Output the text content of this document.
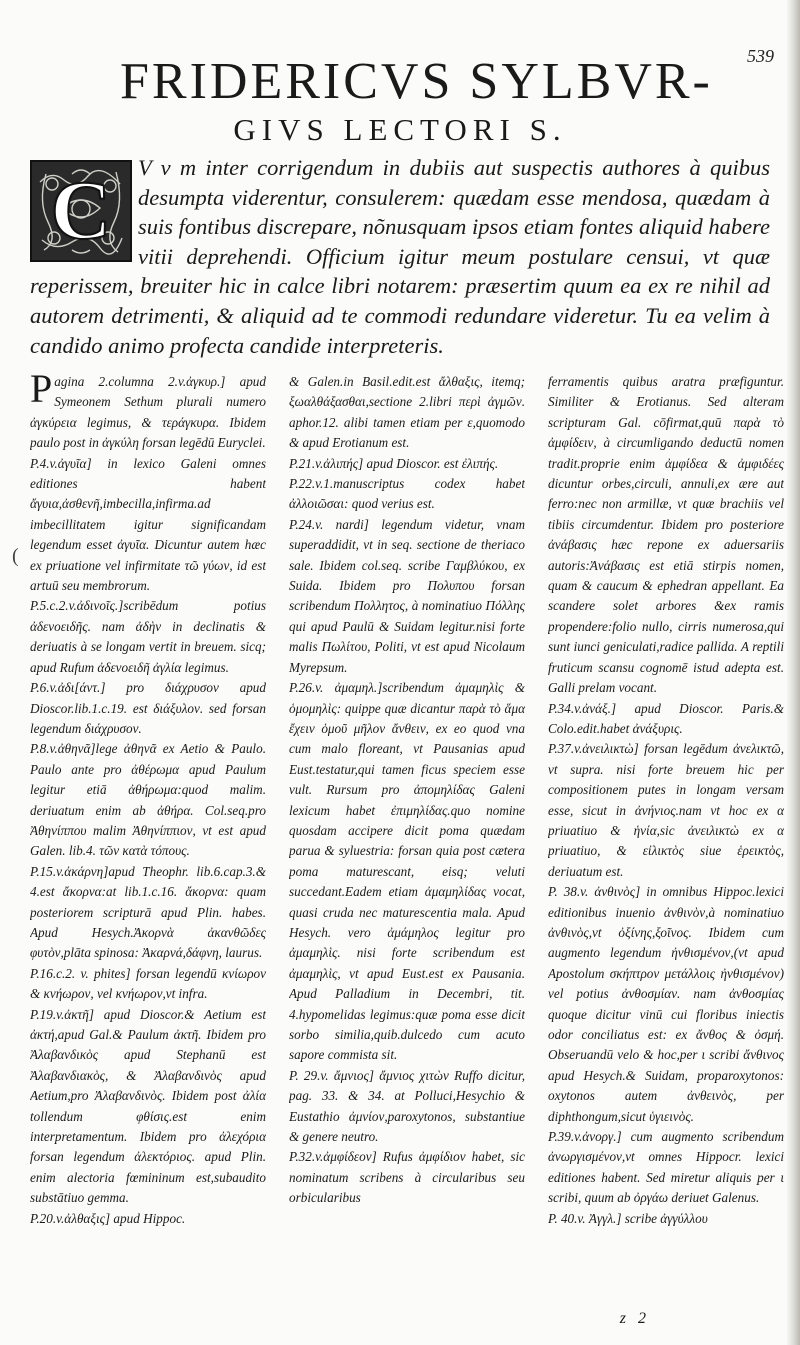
539
FRIDERICVS SYLBVR-
GIVS LECTORI S.

V v m inter corrigendum in dubiis aut suspectis authores à quibus desumpta viderentur, consulerem: quædam esse mendosa, quædam à suis fontibus discrepare, nõnusquam ipsos etiam fontes aliquid habere vitii deprehendi. Officium igitur meum postulare censui, vt quæ reperissem, breuiter hic in calce libri notarem: præsertim quum ea ex re nihil ad autorem detrimenti, & aliquid ad te commodi redundare videretur. Tu ea velim à candido animo profecta candide interpreteris.

C
(

Pagina 2.columna 2.v.ἀγκυρ.] apud Symeonem Sethum plurali numero ἀγκύρεια legimus, & τεράγκυρα. Ibidem paulo post in ἀγκύλη forsan legēdū Euryclei.

P.4.v.ἀγυῖα] in lexico Galeni omnes editiones habent ἄγυια,ἀσθενῆ,imbecilla,infirma.ad imbecillitatem igitur significandam legendum esset ἀγυῖα. Dicuntur autem hæc ex priuatione vel infirmitate τῶ γύων, id est artuū seu membrorum.

P.5.c.2.v.ἀδινοῖς.]scribēdum potius ἀδενοειδῆς. nam ἀδὴν in declinatis & deriuatis à se longam vertit in breuem. sicq; apud Rufum ἀδενοειδῆ ἀγλία legimus.

P.6.v.ἀδι[άντ.] pro διάχρυσον apud Dioscor.lib.1.c.19. est διάξυλον. sed forsan legendum διάχρυσον.

P.8.v.ἀθηνᾶ]lege ἀθηνᾶ ex Aetio & Paulo. Paulo ante pro ἀθέρωμα apud Paulum legitur etiā ἀθήρωμα:quod malim. deriuatum enim ab ἀθήρα. Col.seq.pro Ἀθηνίππου malim Ἀθηνίππιον, vt est apud Galen. lib.4. τῶν κατὰ τόπους.

P.15.v.ἀκάρνη]apud Theophr. lib.6.cap.3.& 4.est ἄκορνα:at lib.1.c.16. ἄκορνα: quam posteriorem scripturā apud Plin. habes. Apud Hesych.Ἀκορνὰ ἀκανθῶδες φυτὸν,plāta spinosa: Ἀκαρνά,δάφνη, laurus.

P.16.c.2. v. phites] forsan legendū κνίωρον & κνήωρον, vel κνήωρον,vt infra.

P.19.v.ἀκτῆ] apud Dioscor.& Aetium est ἀκτή,apud Gal.& Paulum ἀκτῆ. Ibidem pro Ἀλαβανδικὸς apud Stephanū est Ἀλαβανδιακὸς, & Ἀλαβανδινὸς apud Aetium,pro Ἀλαβανδινὸς. Ibidem post ἀλία tollendum φθίσις.est enim interpretamentum. Ibidem pro ἀλεχόρια forsan legendum ἀλεκτόριος. apud Plin. enim alectoria fœmininum est,subaudito substātiuo gemma.

P.20.v.ἀλθαξις] apud Hippoc.

& Galen.in Basil.edit.est ἄλθαξις, itemq; ξωαλθάξασθαι,sectione 2.libri περὶ ἀγμῶν. aphor.12. alibi tamen etiam per ε,quomodo & apud Erotianum est.

P.21.v.ἀλιπής] apud Dioscor. est ἐλιπής.

P.22.v.1.manuscriptus codex habet ἀλλοιῶσαι: quod verius est.

P.24.v. nardi] legendum videtur, vnam superaddidit, vt in seq. sectione de theriaco sale. Ibidem col.seq. scribe Γαμβλύκου, ex Suida. Ibidem pro Πολυπου forsan scribendum Πολλητος, à nominatiuo Πόλλης qui apud Paulū & Suidam legitur.nisi forte malis Πωλίτου, Politi, vt est apud Nicolaum Myrepsum.

P.26.v. ἀμαμηλ.]scribendum ἀμαμηλὶς & ὁμομηλὶς: quippe quæ dicantur παρὰ τὸ ἅμα ἔχειν ὁμοῦ μῆλον ἄνθειν, ex eo quod vna cum malo floreant, vt Pausanias apud Eust.testatur,qui tamen ficus speciem esse vult. Rursum pro ἀπομηλίδας Galeni lexicum habet ἐπιμηλίδας.quo nomine quosdam accipere dicit poma quædam parua & syluestria: forsan quia post cætera poma maturescant, eisq; veluti succedant.Eadem etiam ἀμαμηλίδας vocat, quasi cruda nec maturescentia mala. Apud Hesych. vero ἀμάμηλος legitur pro ἀμαμηλὶς. nisi forte scribendum est ἀμαμηλὶς, vt apud Eust.est ex Pausania. Apud Palladium in Decembri, tit. 4.hypomelidas legimus:quæ poma esse dicit sorbo similia,quib.dulcedo cum acuto sapore commista sit.

P. 29.v. ἄμνιος] ἄμνιος χιτὼν Ruffo dicitur, pag. 33. & 34. at Polluci,Hesychio & Eustathio ἀμνίον,paroxytonos, substantiue & genere neutro.

P.32.v.ἀμφίδεον] Rufus ἀμφίδιον habet, sic nominatum scribens à circularibus seu orbicularibus

ferramentis quibus aratra præfiguntur. Similiter & Erotianus. Sed alteram scripturam Gal. cōfirmat,quū παρὰ τὸ ἀμφίδειν, à circumligando deductū nomen tradit.proprie enim ἀμφίδεα & ἀμφιδέες dicuntur orbes,circuli, annuli,ex ære aut ferro:nec non armillæ, vt quæ brachiis vel tibiis circumdentur. Ibidem pro posteriore ἀνάβασις hæc repone ex aduersariis autoris:Ἀνάβασις est etiā stirpis nomen, quam & caucum & ephedran appellant. Ea scandere solet arbores &ex ramis propendere:folio nullo, cirris numerosa,qui sunt iunci geniculati,radice pallida. A reptili fruticum scansu cognomē istud adepta est. Galli prelam vocant.

P.34.v.ἀνάξ.] apud Dioscor. Paris.& Colo.edit.habet ἀνάξυρις.

P.37.v.ἀνειλικτὼ] forsan legēdum ἀνελικτῶ, vt supra. nisi forte breuem hic per compositionem putes in longam versam esse, sicut in ἀνήνιος.nam vt hoc ex α priuatiuo & ἡνία,sic ἀνειλικτὼ ex α priuatiuo, & εἰλικτὸς siue ἑρεικτὸς, deriuatum est.

P. 38.v. ἀνθινὸς] in omnibus Hippoc.lexici editionibus inuenio ἀνθινὸν,à nominatiuo ἀνθινὸς,vt ὀξίνης,ξοῖνος. Ibidem cum augmento legendum ἠνθισμένον,(vt apud Apostolum σκήπτρον μετάλλοις ἠνθισμένον) vel potius ἀνθοσμίαν. nam ἀνθοσμίας quoque dicitur vinū cui floribus iniectis odor conciliatus est: ex ἄνθος & ὀσμή. Obseruandū velo & hoc,per ι scribi ἄνθινος apud Hesych.& Suidam, proparoxytonos: oxytonos autem ἀνθεινὸς, per diphthongum,sicut ὑγιεινὸς.

P.39.v.ἀνοργ.] cum augmento scribendum ἀνωργισμένον,vt omnes Hippocr. lexici editiones habent. Sed miretur aliquis per ι scribi, quum ab ὀργάω deriuet Galenus.

P. 40.v. Ἀγγλ.] scribe ἀγγύλλου

z 2
